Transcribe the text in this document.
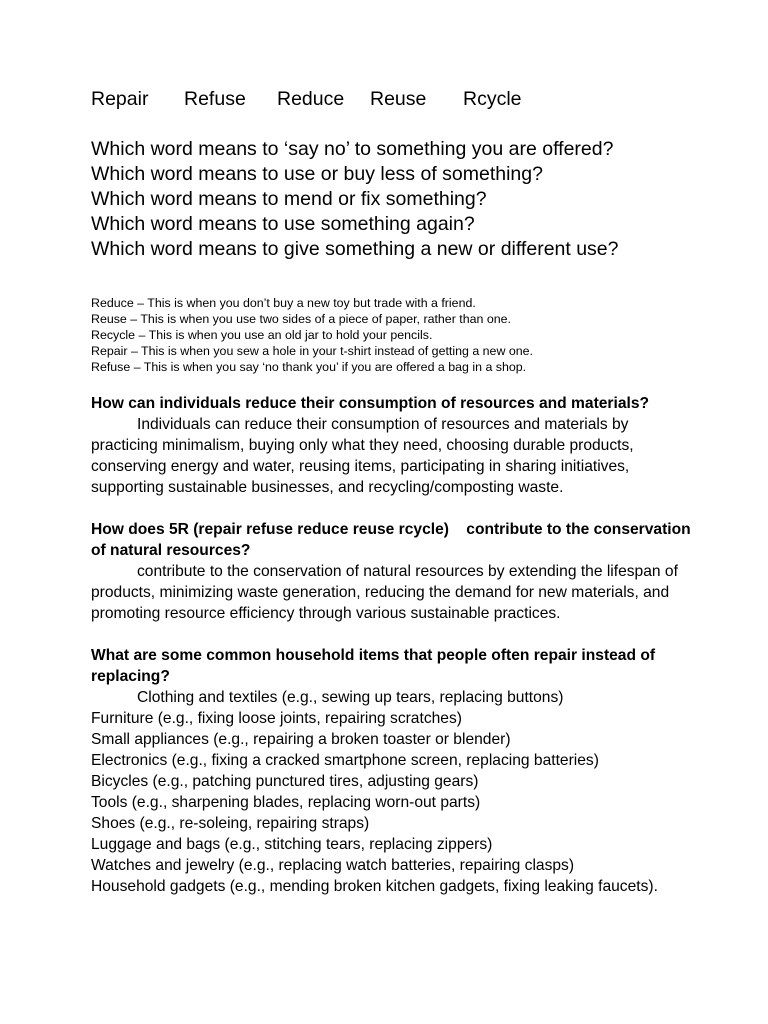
Repair	Refuse	Reduce	Reuse	Rcycle
Which word means to ‘say no’ to something you are offered?
Which word means to use or buy less of something?
Which word means to mend or fix something?
Which word means to use something again?
Which word means to give something a new or different use?
Reduce – This is when you don’t buy a new toy but trade with a friend.
Reuse – This is when you use two sides of a piece of paper, rather than one.
Recycle – This is when you use an old jar to hold your pencils.
Repair – This is when you sew a hole in your t-shirt instead of getting a new one.
Refuse – This is when you say ‘no thank you’ if you are offered a bag in a shop.
How can individuals reduce their consumption of resources and materials?

Individuals can reduce their consumption of resources and materials by practicing minimalism, buying only what they need, choosing durable products, conserving energy and water, reusing items, participating in sharing initiatives, supporting sustainable businesses, and recycling/composting waste.

How does 5R (repair refuse reduce reuse rcycle)    contribute to the conservation of natural resources?

contribute to the conservation of natural resources by extending the lifespan of products, minimizing waste generation, reducing the demand for new materials, and promoting resource efficiency through various sustainable practices.

What are some common household items that people often repair instead of replacing?
Clothing and textiles (e.g., sewing up tears, replacing buttons)
Furniture (e.g., fixing loose joints, repairing scratches)
Small appliances (e.g., repairing a broken toaster or blender)
Electronics (e.g., fixing a cracked smartphone screen, replacing batteries)
Bicycles (e.g., patching punctured tires, adjusting gears)
Tools (e.g., sharpening blades, replacing worn-out parts)
Shoes (e.g., re-soleing, repairing straps)
Luggage and bags (e.g., stitching tears, replacing zippers)
Watches and jewelry (e.g., replacing watch batteries, repairing clasps)
Household gadgets (e.g., mending broken kitchen gadgets, fixing leaking faucets).
